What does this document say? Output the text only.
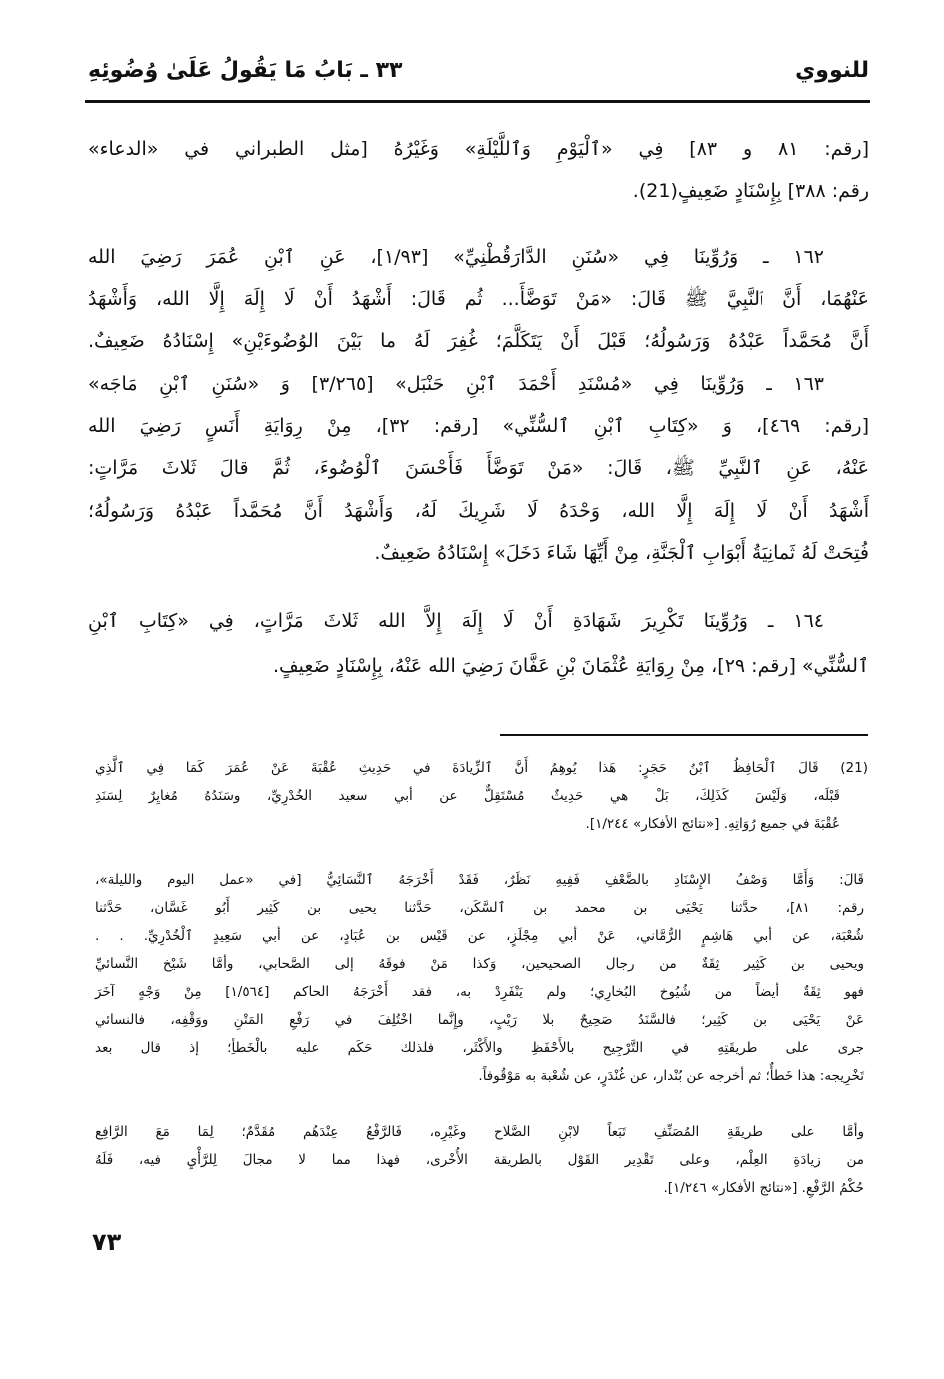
للنووي
٣٣ ـ بَابُ مَا يَقُولُ عَلَىٰ وُضُوئِهِ
[رقم: ٨١ و ٨٣] فِي «ٱلْيَوْمِ وَٱللَّيْلَةِ» وَغَيْرُهُ [مثل الطبراني في «الدعاء»
رقم: ٣٨٨] بِإِسْنَادٍ ضَعِيفٍ(21).
١٦٢ ـ وَرُوِّينَا فِي «سُنَنِ الدَّارَقُطْنِيِّ» [١/٩٣]، عَنِ ٱبْنِ عُمَرَ رَضِيَ الله
عَنْهُمَا، أَنَّ ٱلنَّبِيَّ ﷺ قَالَ: «مَنْ تَوَضَّأَ... ثُم قَالَ: أَشْهَدُ أَنْ لَا إِلَهَ إِلَّا الله، وَأَشْهَدُ
أَنَّ مُحَمَّداً عَبْدُهُ وَرَسُولُهُ؛ قَبْلَ أَنْ يَتَكَلَّمَ؛ غُفِرَ لَهُ ما بَيْنَ الوُضُوءَيْنِ» إِسْنَادُهُ ضَعِيفٌ.
١٦٣ ـ وَرُوِّينَا فِي «مُسْنَدِ أَحْمَدَ ٱبْنِ حَنْبَل» [٣/٢٦٥] وَ «سُنَنِ ٱبْنِ مَاجَه»
[رقم: ٤٦٩]، وَ «كِتَابِ ٱبْنِ ٱلسُّنِّي» [رقم: ٣٢]، مِنْ رِوَايَةِ أَنَسٍ رَضِيَ الله
عَنْهُ، عَنِ ٱلنَّبِيِّ ﷺ، قَالَ: «مَنْ تَوَضَّأَ فَأَحْسَنَ ٱلْوُضُوءَ، ثُمَّ قالَ ثَلاثَ مَرَّاتٍ:
أَشْهَدُ أَنْ لَا إِلَهَ إِلَّا الله، وَحْدَهُ لَا شَرِيكَ لَهُ، وَأَشْهَدُ أَنَّ مُحَمَّداً عَبْدُهُ وَرَسُولُهُ؛
فُتِحَتْ لَهُ ثَمانِيَةُ أَبْوَابِ ٱلْجَنَّةِ، مِنْ أَيِّهَا شَاءَ دَخَلَ» إِسْنَادُهُ ضَعِيفٌ.
١٦٤ ـ وَرُوِّينَا تَكْرِيرَ شَهَادَةِ أَنْ لَا إِلَهَ إِلاَّ الله ثَلاثَ مَرَّاتٍ، فِي «كِتَابِ ٱبْنِ
ٱلسُّنِّي» [رقم: ٢٩]، مِنْ رِوَايَةِ عُثْمَانَ بْنِ عَفَّانَ رَضِيَ الله عَنْهُ، بِإِسْنَادٍ ضَعِيفٍ.
(21) قَالَ ٱلْحَافِظُ ٱبْنُ حَجَرٍ: هَذا يُوهِمُ أَنَّ ٱلزِّيادَةَ في حَدِيثِ عُقْبَةَ عَنْ عُمَرَ كَمَا فِي ٱلَّذِي
قَبْلَه، وَلَيْسَ كَذَلِكَ، بَلْ هي حَدِيثٌ مُسْتَقِلٌّ عن أبي سعيد الخُدْرِيِّ، وسَنَدُهُ مُغايِرٌ لِسَنَدِ
عُقْبَةَ في جميع رُوَاتِهِ. [«نتائج الأفكار» ١/٢٤٤].
قَالَ: وَأَمَّا وَصْفُ الإِسْنَادِ بالضَّعْفِ فَفِيهِ نَظَرٌ، فَقَدْ أَخْرَجَهُ ٱلنَّسَائِيُّ [في «عمل اليوم والليلة»،
رقم: ٨١]، حدَّثنا يَحْيَى بن محمد بن ٱلسَّكَن، حَدَّثنا يحيى بن كَثِير أَبُو غَسَّان، حَدَّثنا
شُعْبَة، عن أبي هَاشِمٍ الرُّمَّاني، عَنْ أبي مِجْلَزٍ، عن قَيْس بن عُبَادٍ، عن أبي سَعِيدٍ ٱلْخُدْرِيِّ. . .
ويحيى بن كَثِير ثِقَةٌ من رجال الصحيحين، وَكذا مَنْ فوقَهُ إلى الصَّحابي، وأمَّا شَيْخ النَّسائيِّ
فهو ثِقَةٌ أيضاً من شُيُوخ البُخارِي؛ ولم يَنْفَرِدْ به، فقد أَخْرَجَهُ الحاكم [١/٥٦٤] مِنْ وَجْهٍ آخَرَ
عَنْ يَحْيَى بن كَثِير؛ فالسَّنَدُ صَحِيحٌ بلا رَيْبٍ، وإِنَّما اخْتُلِفَ في رَفْعِ المَتْنِ ووَقْفِه، فالنسائي
جرى على طريقَتِهِ في التَّرْجِيح بالأَحْفَظِ والأَكْثَر، فلذلك حَكَم عليه بالْخَطأِ؛ إذ قال بعد
تَخْرِيجه: هذا خَطأٌ؛ ثم أخرجه عن بُنْدار، عن غُنْدَرٍ، عن شُعْبة به مَوْقُوفاً.
وأمَّا على طريقَةِ المُصَنِّفِ تَبَعاً لابْنِ الصَّلاح وغَيْرِه، فَالرَّفْعُ عِنْدَهُم مُقَدَّمٌ؛ لِمَا مَعَ الرَّافِع
من زيادَةِ العِلْم، وعلى تَقْدِير القَوْل بالطريقة الأُخْرى، فهذا مما لا مجالَ لِلرَّأْيِ فيه، فَلَهُ
حُكْمُ الرَّفْعِ. [«نتائج الأفكار» ١/٢٤٦].
٧٣
